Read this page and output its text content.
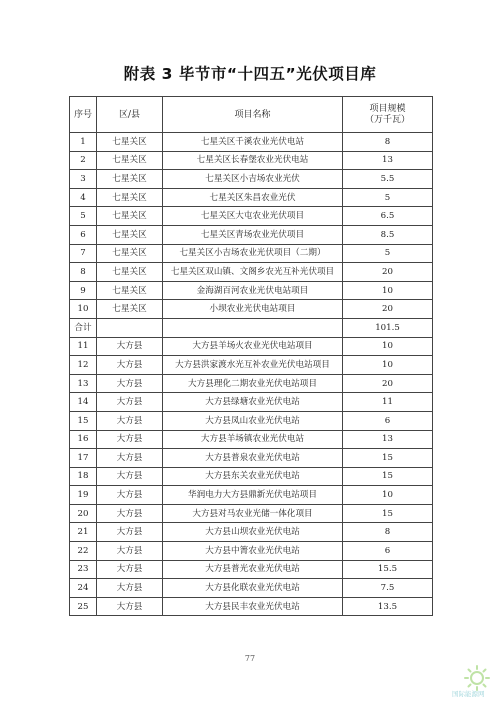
附表 3 毕节市“十四五”光伏项目库
序号	区/县	项目名称	项目规模
（万千瓦）

1	七星关区	七星关区千溪农业光伏电站	8
2	七星关区	七星关区长春堡农业光伏电站	13
3	七星关区	七星关区小吉场农业光伏	5.5
4	七星关区	七星关区朱昌农业光伏	5
5	七星关区	七星关区大屯农业光伏项目	6.5
6	七星关区	七星关区青场农业光伏项目	8.5
7	七星关区	七星关区小吉场农业光伏项目（二期）	5
8	七星关区	七星关区双山镇、文阁乡农光互补光伏项目	20
9	七星关区	金海湖百河农业光伏电站项目	10
10	七星关区	小坝农业光伏电站项目	20
合计			101.5
11	大方县	大方县羊场火农业光伏电站项目	10
12	大方县	大方县洪家渡水光互补农业光伏电站项目	10
13	大方县	大方县理化二期农业光伏电站项目	20
14	大方县	大方县绿塘农业光伏电站	11
15	大方县	大方县凤山农业光伏电站	6
16	大方县	大方县羊场镇农业光伏电站	13
17	大方县	大方县普泉农业光伏电站	15
18	大方县	大方县东关农业光伏电站	15
19	大方县	华润电力大方县鼎新光伏电站项目	10
20	大方县	大方县对马农业光储一体化项目	15
21	大方县	大方县山坝农业光伏电站	8
22	大方县	大方县中箐农业光伏电站	6
23	大方县	大方县普光农业光伏电站	15.5
24	大方县	大方县化联农业光伏电站	7.5
25	大方县	大方县民丰农业光伏电站	13.5
77
国际能源网
